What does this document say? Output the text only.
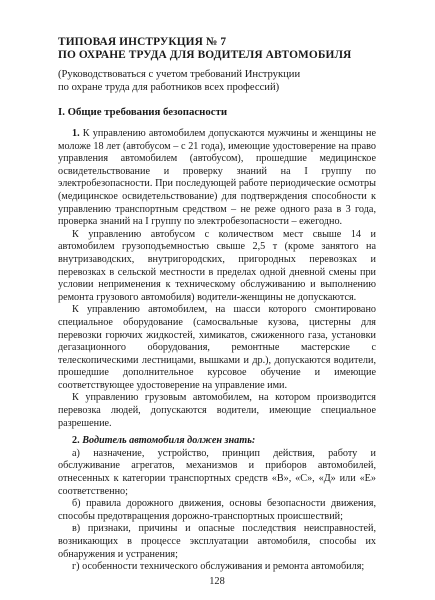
ТИПОВАЯ ИНСТРУКЦИЯ № 7
ПО ОХРАНЕ ТРУДА ДЛЯ ВОДИТЕЛЯ АВТОМОБИЛЯ
(Руководствоваться с учетом требований Инструкции
по охране труда для работников всех профессий)
I. Общие требования безопасности

1. К управлению автомобилем допускаются мужчины и женщины не моложе 18 лет (автобусом – с 21 года), имеющие удостоверение на право управления автомобилем (автобусом), прошедшие медицинское освидетельствование и проверку знаний на I группу по электробезопасности. При последующей работе периодические осмотры (медицинское освидетельствование) для подтверждения способности к управлению транспортным средством – не реже одного раза в 3 года, проверка знаний на I группу по электробезопасности – ежегодно.

К управлению автобусом с количеством мест свыше 14 и автомобилем грузоподъемностью свыше 2,5 т (кроме занятого на внутризаводских, внутригородских, пригородных перевозках и перевозках в сельской местности в пределах одной дневной смены при условии неприменения к техническому обслуживанию и выполнению ремонта грузового автомобиля) водители-женщины не допускаются.

К управлению автомобилем, на шасси которого смонтировано специальное оборудование (самосвальные кузова, цистерны для перевозки горючих жидкостей, химикатов, сжиженного газа, установки дегазационного оборудования, ремонтные мастерские с телескопическими лестницами, вышками и др.), допускаются водители, прошедшие дополнительное курсовое обучение и имеющие соответствующее удостоверение на управление ими.

К управлению грузовым автомобилем, на котором производится перевозка людей, допускаются водители, имеющие специальное разрешение.

2. Водитель автомобиля должен знать:

а) назначение, устройство, принцип действия, работу и обслуживание агрегатов, механизмов и приборов автомобилей, отнесенных к категории транспортных средств «В», «С», «Д» или «Е» соответственно;

б) правила дорожного движения, основы безопасности движения, способы предотвращения дорожно-транспортных происшествий;

в) признаки, причины и опасные последствия неисправностей, возникающих в процессе эксплуатации автомобиля, способы их обнаружения и устранения;

г) особенности технического обслуживания и ремонта автомобиля;

128
